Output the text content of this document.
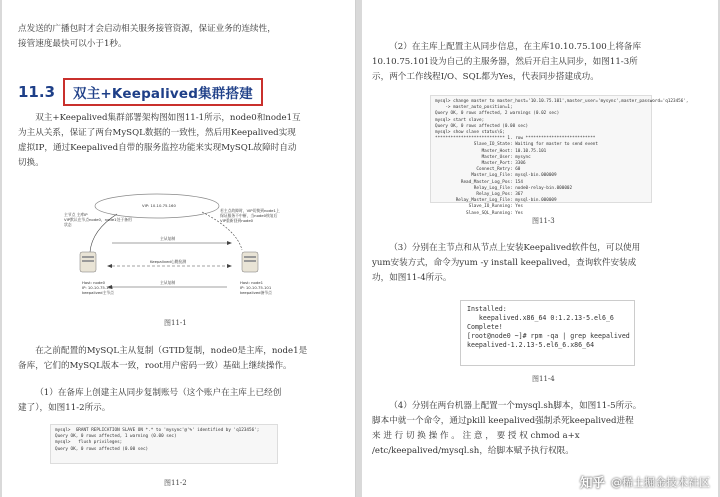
点发送的广播包时才会启动相关服务接管资源，保证业务的连续性，
接管速度最快可以小于1秒。

11.3	双主+Keepalived集群搭建

双主+Keepalived集群部署架构图如图11-1所示，node0和node1互
为主从关系，保证了两台MySQL数据的一致性，然后用Keepalived实现
虚拟IP，通过Keepalived自带的服务监控功能来实现MySQL故障时自动
切换。

VIP: 10.10.75.160
主节点 主库IP
VIP默认在节点node0，node1处于备用状态
若主点故障时，VIP切换到node1上
保证服务不中断，当node0恢复后
VIP重新回到node0
主从复制
Keepalived心跳检测
主从复制
Host: node0
IP: 10.10.75.100
keepalived主节点
Host: node1
IP: 10.10.75.101
keepalived备节点
图11-1

在之前配置的MySQL主从复制（GTID复制，node0是主库，node1是
备库，它们的MySQL版本一致，root用户密码一致）基础上继续操作。

（1）在备库上创建主从同步复制账号（这个账户在主库上已经创
建了），如图11-2所示。

mysql>  GRANT REPLICATION SLAVE ON *.* to 'mysync'@'%' identified by 'q123456';
Query OK, 0 rows affected, 1 warning (0.00 sec)
mysql>   flush privileges;
Query OK, 0 rows affected (0.00 sec)
图11-2

（2）在主库上配置主从同步信息，在主库10.10.75.100上将备库
10.10.75.101设为自己的主服务器，然后开启主从同步，如图11-3所
示，两个工作线程I/O、SQL都为Yes，代表同步搭建成功。

mysql> change master to master_host='10.10.75.101',master_user='mysync',master_password='q123456',
-> master_auto_position=1;
Query OK, 0 rows affected, 2 warnings (0.02 sec)
mysql> start slave;
Query OK, 0 rows affected (0.00 sec)
mysql> show slave status\G;
*************************** 1. row ***************************
Slave_IO_State: Waiting for master to send event
Master_Host: 10.10.75.101
Master_User: mysync
Master_Port: 3306
Connect_Retry: 60
Master_Log_File: mysql-bin.000009
Read_Master_Log_Pos: 154
Relay_Log_File: node0-relay-bin.000002
Relay_Log_Pos: 367
Relay_Master_Log_File: mysql-bin.000009
Slave_IO_Running: Yes
Slave_SQL_Running: Yes
图11-3

（3）分别在主节点和从节点上安装Keepalived软件包，可以使用
yum安装方式，命令为yum -y install keepalived，查询软件安装成
功，如图11-4所示。

Installed:
keepalived.x86_64 0:1.2.13-5.el6_6
Complete!
[root@node0 ~]# rpm -qa | grep keepalived
keepalived-1.2.13-5.el6_6.x86_64
图11-4

（4）分别在两台机器上配置一个mysql.sh脚本，如图11-5所示。
脚本中就一个命令，通过pkill keepalived强制杀死keepalived进程
来 进 行 切 换 操 作 。 注 意 ， 要 授 权 chmod a+x
/etc/keepalived/mysql.sh，给脚本赋予执行权限。

知乎 @稀土掘金技术社区
